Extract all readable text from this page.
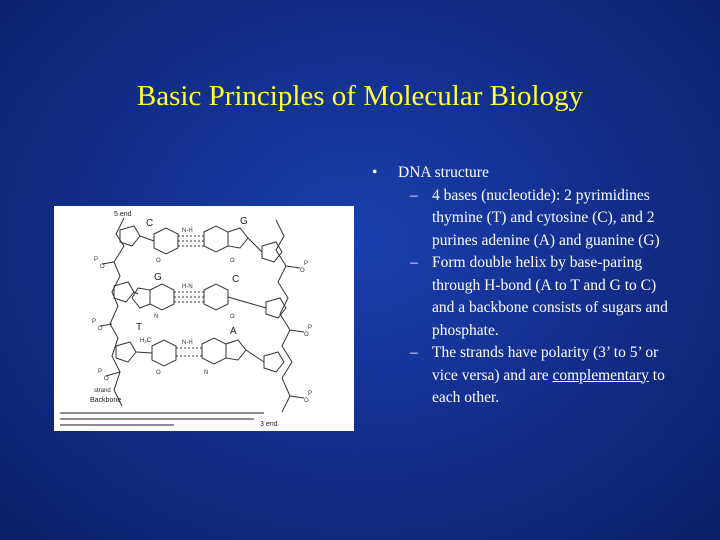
Basic Principles of Molecular Biology
O
P
O
P
O
P
O
P
O
P
O
P
N-H
H-N
N-H
O	O
N	O
O	N
5 end
3 end
Backbone
strand
C	G
G	C
T	A
H₃C
• DNA structure
– 4 bases (nucleotide): 2 pyrimidines thymine (T) and cytosine (C), and 2 purines adenine (A) and guanine (G)
– Form double helix by base-paring through H-bond (A to T and G to C) and a backbone consists of sugars and phosphate.
– The strands have polarity (3’ to 5’ or vice versa) and are complementary to each other.
